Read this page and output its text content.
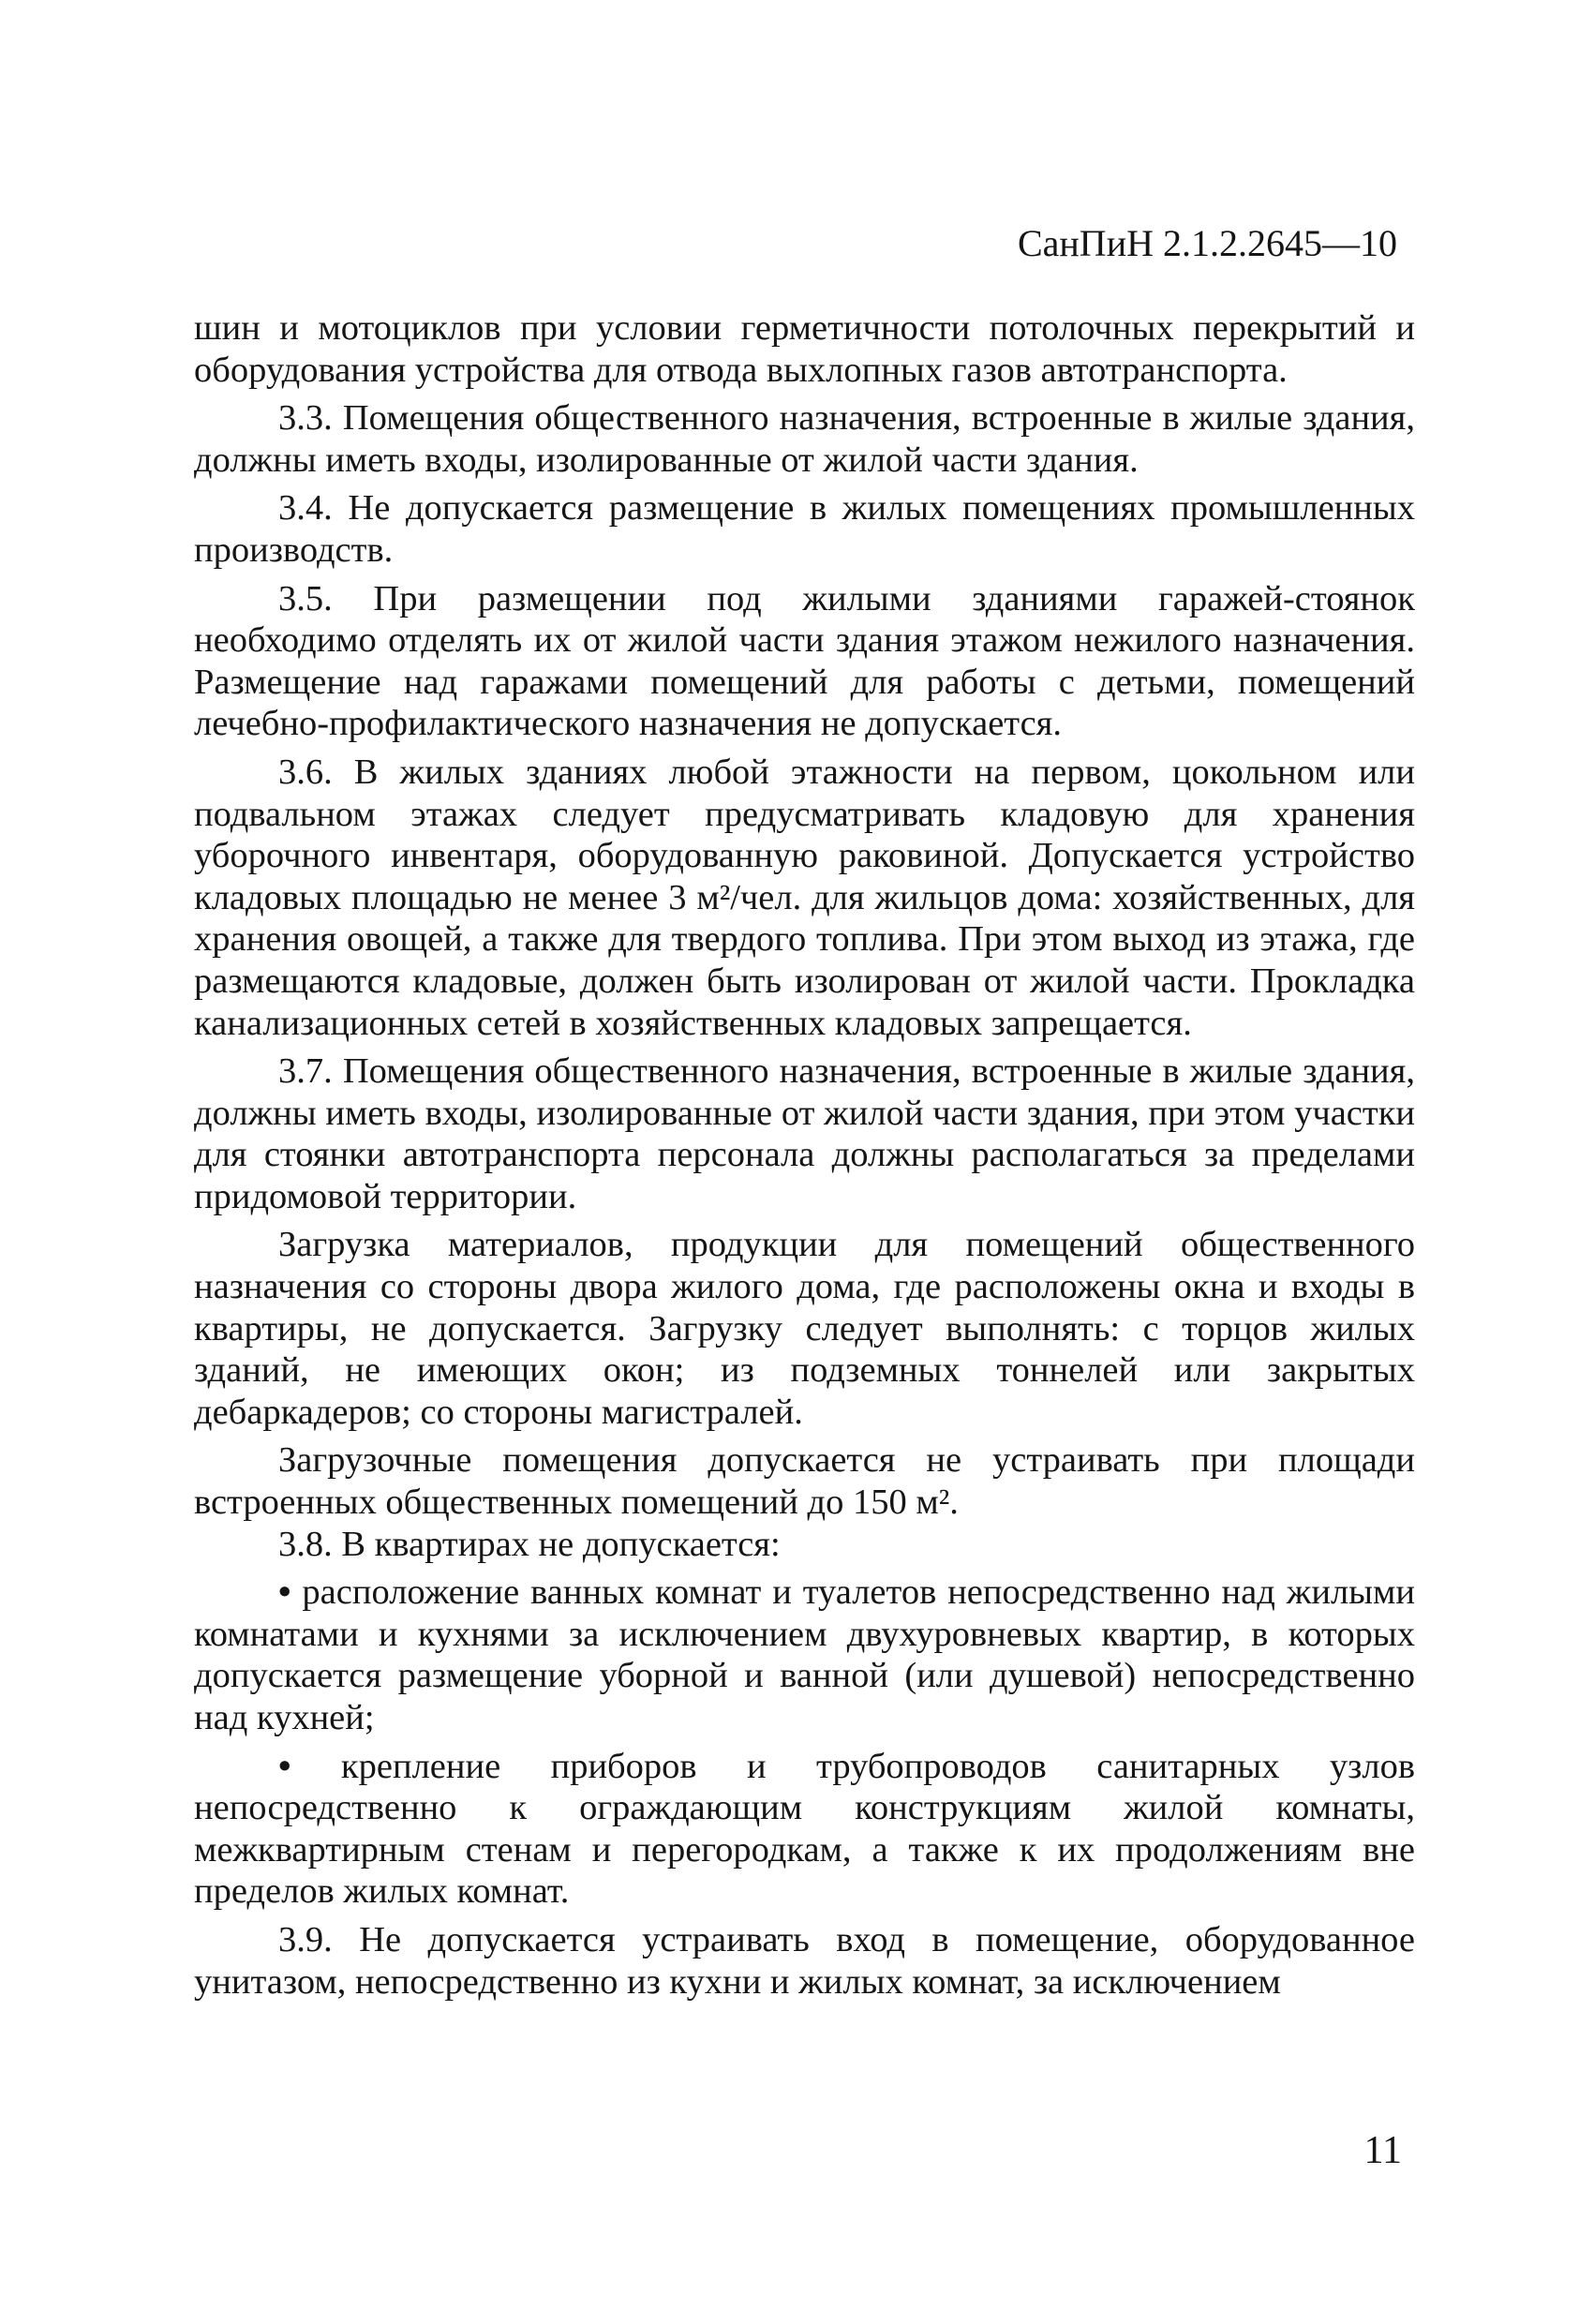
СанПиН 2.1.2.2645—10

шин и мотоциклов при условии герметичности потолочных перекрытий и оборудования устройства для отвода выхлопных газов автотранспорта.

3.3. Помещения общественного назначения, встроенные в жилые здания, должны иметь входы, изолированные от жилой части здания.

3.4. Не допускается размещение в жилых помещениях промышленных производств.

3.5. При размещении под жилыми зданиями гаражей-стоянок необходимо отделять их от жилой части здания этажом нежилого назначения. Размещение над гаражами помещений для работы с детьми, помещений лечебно-профилактического назначения не допускается.

3.6. В жилых зданиях любой этажности на первом, цокольном или подвальном этажах следует предусматривать кладовую для хранения уборочного инвентаря, оборудованную раковиной. Допускается устройство кладовых площадью не менее 3 м²/чел. для жильцов дома: хозяйственных, для хранения овощей, а также для твердого топлива. При этом выход из этажа, где размещаются кладовые, должен быть изолирован от жилой части. Прокладка канализационных сетей в хозяйственных кладовых запрещается.

3.7. Помещения общественного назначения, встроенные в жилые здания, должны иметь входы, изолированные от жилой части здания, при этом участки для стоянки автотранспорта персонала должны располагаться за пределами придомовой территории.

Загрузка материалов, продукции для помещений общественного назначения со стороны двора жилого дома, где расположены окна и входы в квартиры, не допускается. Загрузку следует выполнять: с торцов жилых зданий, не имеющих окон; из подземных тоннелей или закрытых дебаркадеров; со стороны магистралей.

Загрузочные помещения допускается не устраивать при площади встроенных общественных помещений до 150 м².

3.8. В квартирах не допускается:

• расположение ванных комнат и туалетов непосредственно над жилыми комнатами и кухнями за исключением двухуровневых квартир, в которых допускается размещение уборной и ванной (или душевой) непосредственно над кухней;

• крепление приборов и трубопроводов санитарных узлов непосредственно к ограждающим конструкциям жилой комнаты, межквартирным стенам и перегородкам, а также к их продолжениям вне пределов жилых комнат.

3.9. Не допускается устраивать вход в помещение, оборудованное унитазом, непосредственно из кухни и жилых комнат, за исключением

11
